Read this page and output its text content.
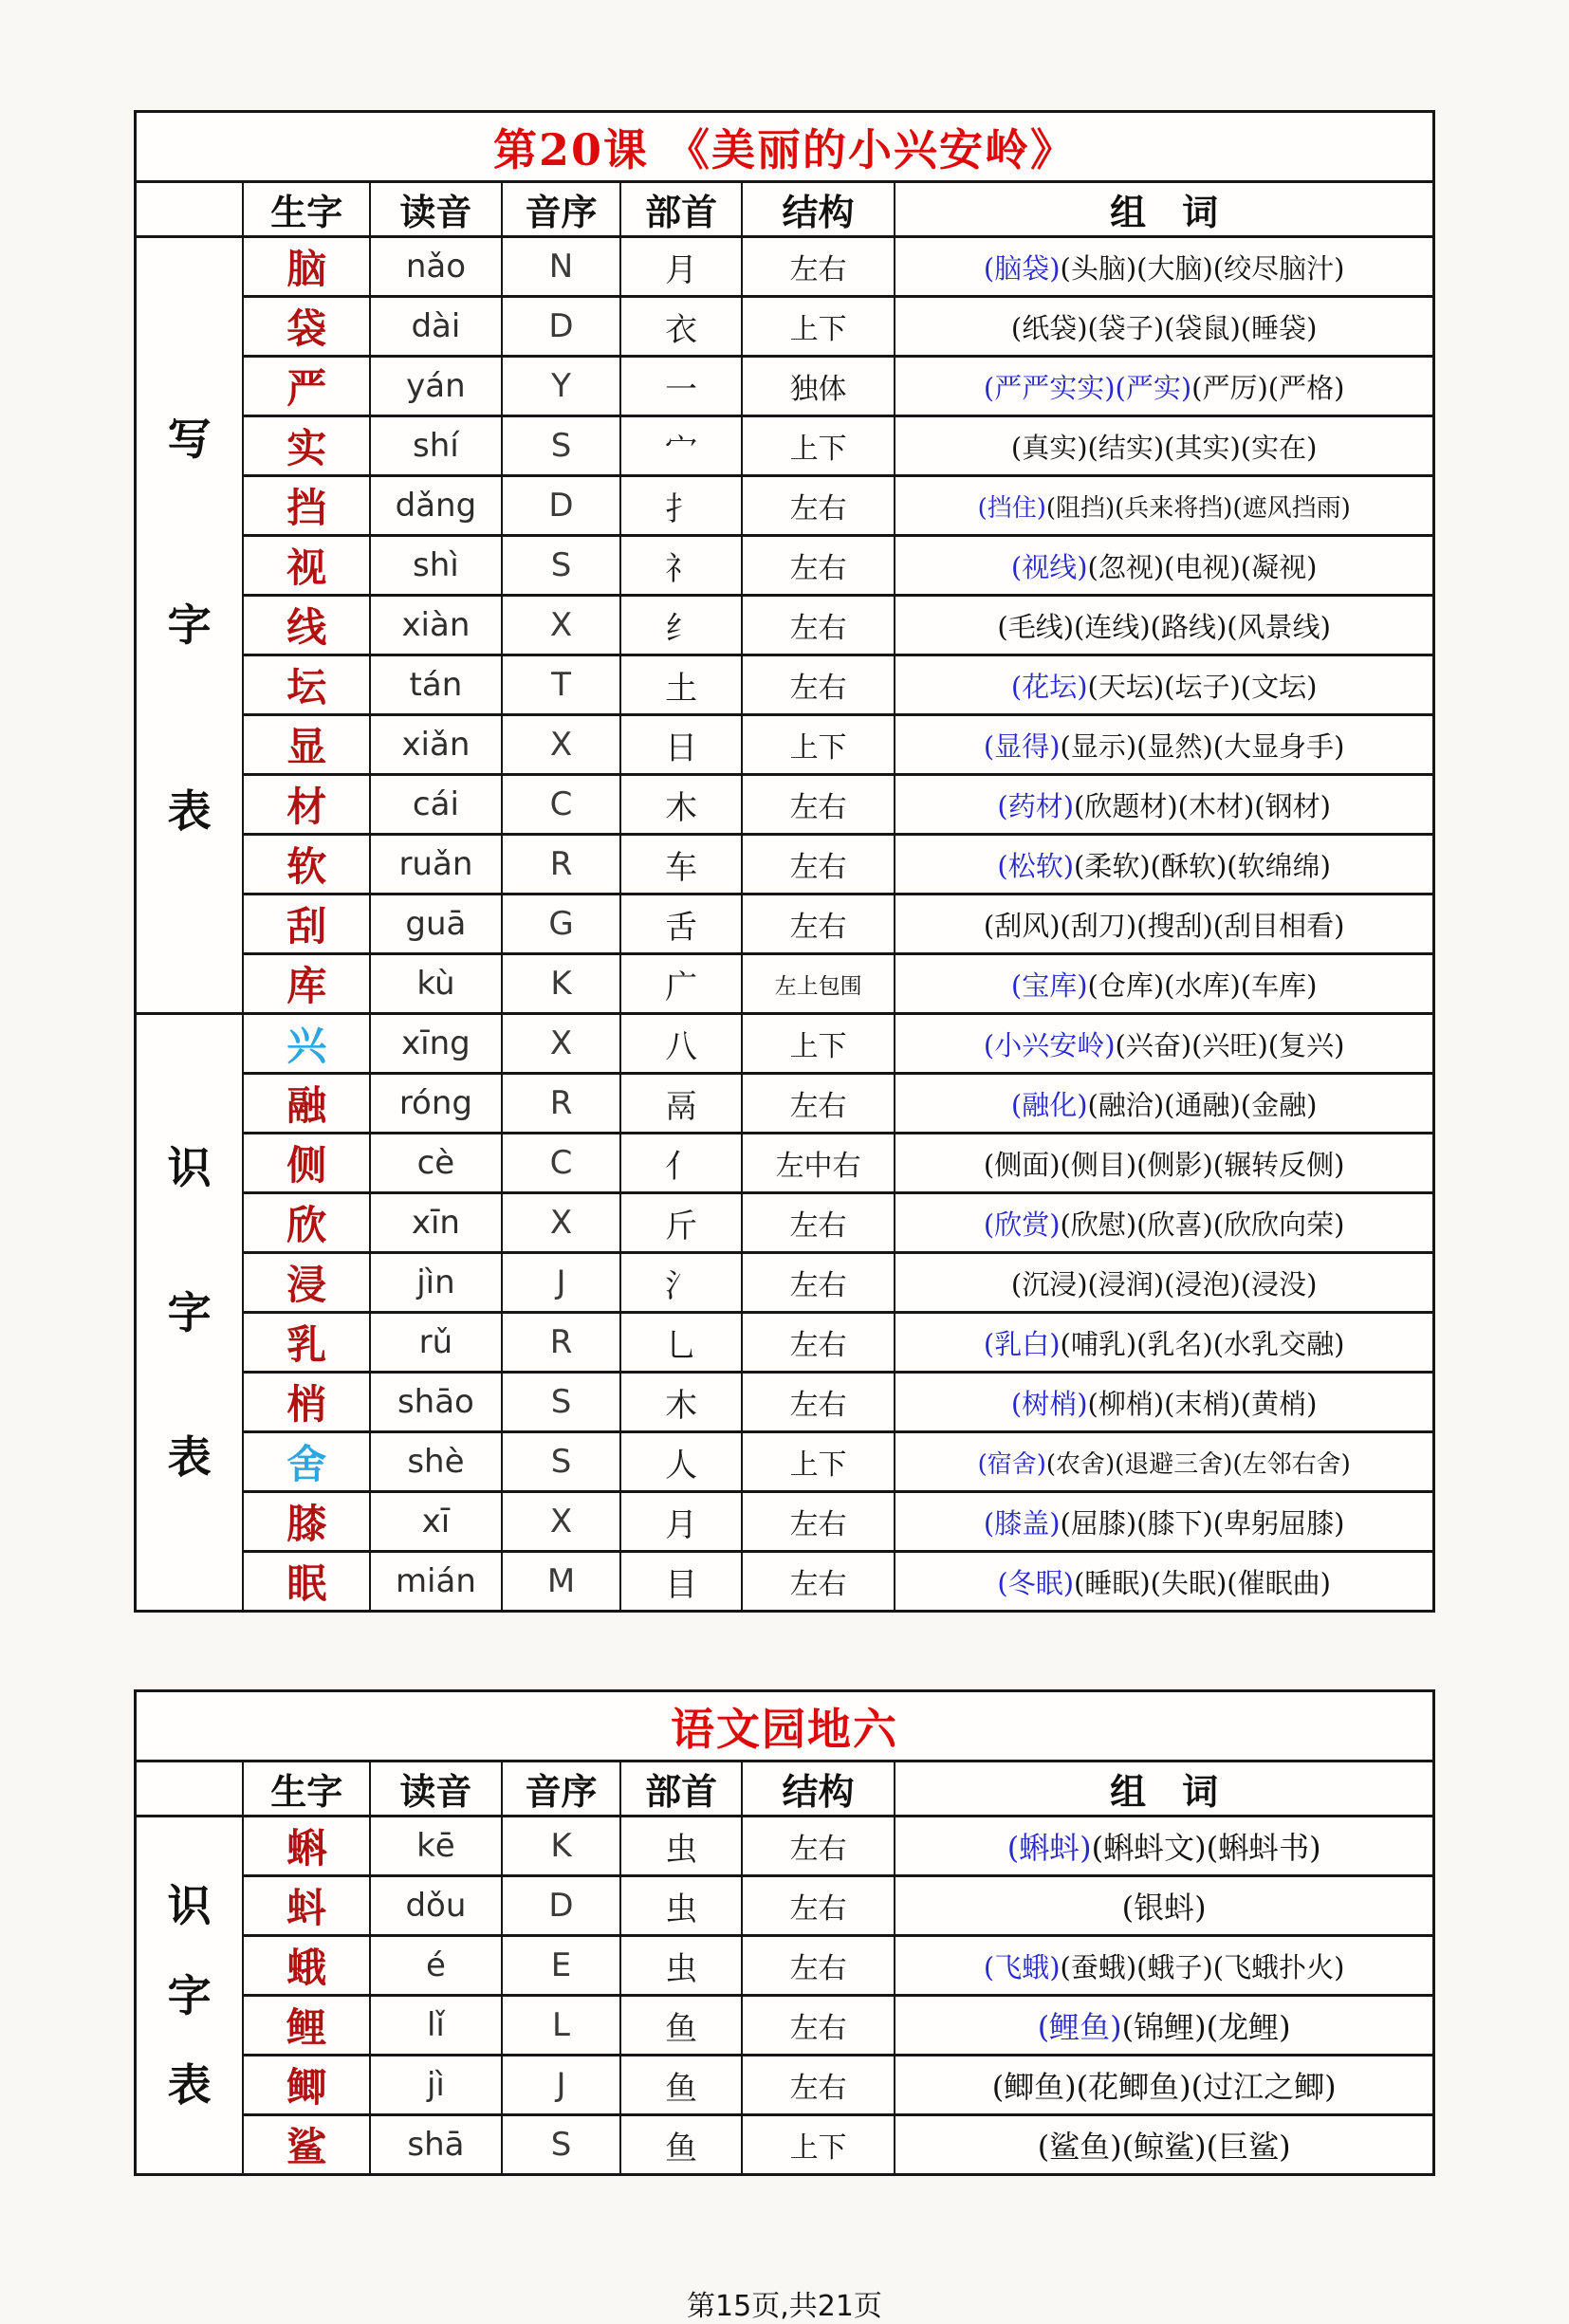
第20课 《美丽的小兴安岭》						
	生字	读音	音序	部首	结构	组　词

写
字
表	脑	nǎo	N	月	左右	(脑袋)(头脑)(大脑)(绞尽脑汁)
	袋	dài	D	衣	上下	(纸袋)(袋子)(袋鼠)(睡袋)
	严	yán	Y	一	独体	(严严实实)(严实)(严厉)(严格)
	实	shí	S	宀	上下	(真实)(结实)(其实)(实在)
	挡	dǎng	D	扌	左右	(挡住)(阻挡)(兵来将挡)(遮风挡雨)
	视	shì	S	礻	左右	(视线)(忽视)(电视)(凝视)
	线	xiàn	X	纟	左右	(毛线)(连线)(路线)(风景线)
	坛	tán	T	土	左右	(花坛)(天坛)(坛子)(文坛)
	显	xiǎn	X	日	上下	(显得)(显示)(显然)(大显身手)
	材	cái	C	木	左右	(药材)(欣题材)(木材)(钢材)
	软	ruǎn	R	车	左右	(松软)(柔软)(酥软)(软绵绵)
	刮	guā	G	舌	左右	(刮风)(刮刀)(搜刮)(刮目相看)
	库	kù	K	广	左上包围	(宝库)(仓库)(水库)(车库)

识
字
表	兴	xīng	X	八	上下	(小兴安岭)(兴奋)(兴旺)(复兴)
	融	róng	R	鬲	左右	(融化)(融洽)(通融)(金融)
	侧	cè	C	亻	左中右	(侧面)(侧目)(侧影)(辗转反侧)
	欣	xīn	X	斤	左右	(欣赏)(欣慰)(欣喜)(欣欣向荣)
	浸	jìn	J	氵	左右	(沉浸)(浸润)(浸泡)(浸没)
	乳	rǔ	R	乚	左右	(乳白)(哺乳)(乳名)(水乳交融)
	梢	shāo	S	木	左右	(树梢)(柳梢)(末梢)(黄梢)
	舍	shè	S	人	上下	(宿舍)(农舍)(退避三舍)(左邻右舍)
	膝	xī	X	月	左右	(膝盖)(屈膝)(膝下)(卑躬屈膝)
	眠	mián	M	目	左右	(冬眠)(睡眠)(失眠)(催眠曲)
语文园地六						
	生字	读音	音序	部首	结构	组　词

识
字
表	蝌	kē	K	虫	左右	(蝌蚪)(蝌蚪文)(蝌蚪书)
	蚪	dǒu	D	虫	左右	(银蚪)
	蛾	é	E	虫	左右	(飞蛾)(蚕蛾)(蛾子)(飞蛾扑火)
	鲤	lǐ	L	鱼	左右	(鲤鱼)(锦鲤)(龙鲤)
	鲫	jì	J	鱼	左右	(鲫鱼)(花鲫鱼)(过江之鲫)
	鲨	shā	S	鱼	上下	(鲨鱼)(鲸鲨)(巨鲨)
第15页,共21页
